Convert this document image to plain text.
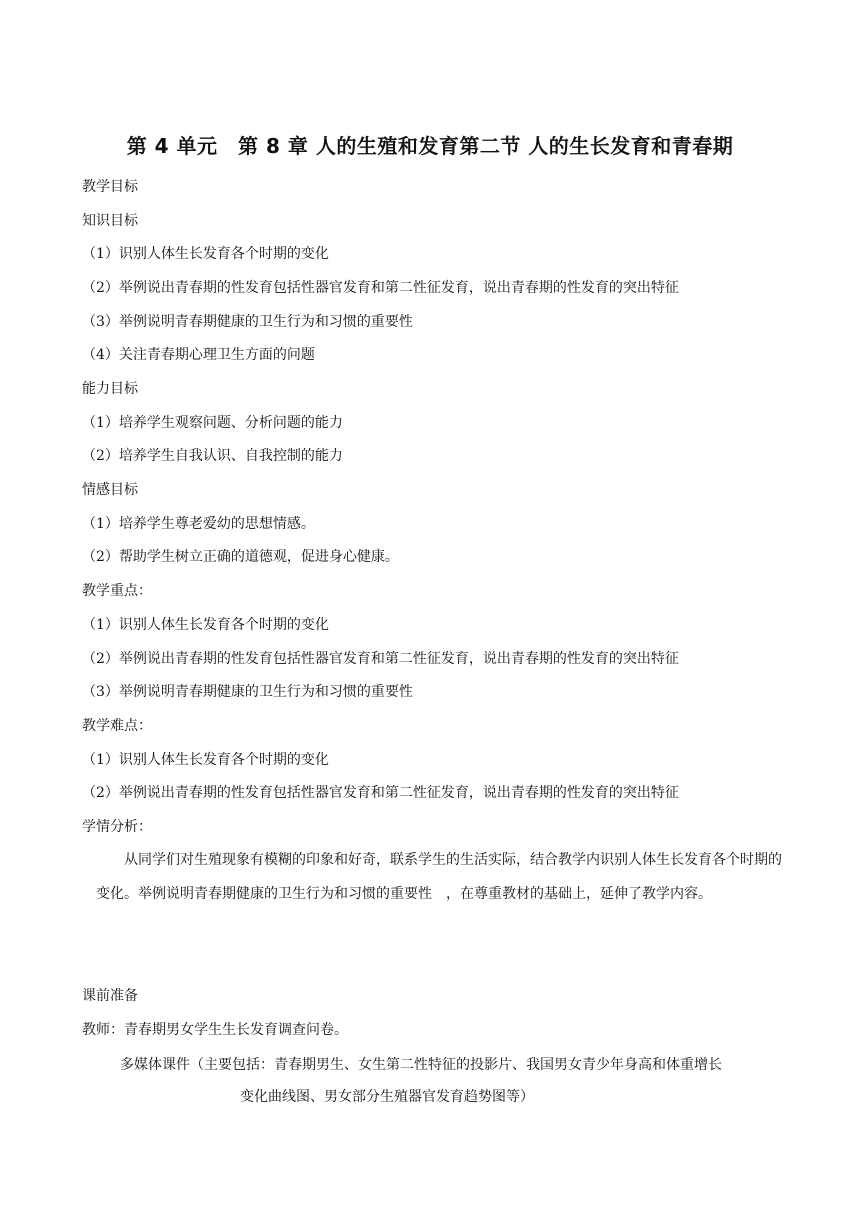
第 4 单元　第 8 章 人的生殖和发育第二节 人的生长发育和青春期
教学目标
知识目标
（1）识别人体生长发育各个时期的变化
（2）举例说出青春期的性发育包括性器官发育和第二性征发育，说出青春期的性发育的突出特征
（3）举例说明青春期健康的卫生行为和习惯的重要性
（4）关注青春期心理卫生方面的问题
能力目标
（1）培养学生观察问题、分析问题的能力
（2）培养学生自我认识、自我控制的能力
情感目标
（1）培养学生尊老爱幼的思想情感。
（2）帮助学生树立正确的道德观，促进身心健康。
教学重点：
（1）识别人体生长发育各个时期的变化
（2）举例说出青春期的性发育包括性器官发育和第二性征发育，说出青春期的性发育的突出特征
（3）举例说明青春期健康的卫生行为和习惯的重要性
教学难点：
（1）识别人体生长发育各个时期的变化
（2）举例说出青春期的性发育包括性器官发育和第二性征发育，说出青春期的性发育的突出特征
学情分析：
从同学们对生殖现象有模糊的印象和好奇，联系学生的生活实际，结合教学内识别人体生长发育各个时期的变化。举例说明青春期健康的卫生行为和习惯的重要性　，在尊重教材的基础上，延伸了教学内容。
课前准备
教师：青春期男女学生生长发育调查问卷。
多媒体课件（主要包括：青春期男生、女生第二性特征的投影片、我国男女青少年身高和体重增长
变化曲线图、男女部分生殖器官发育趋势图等）
